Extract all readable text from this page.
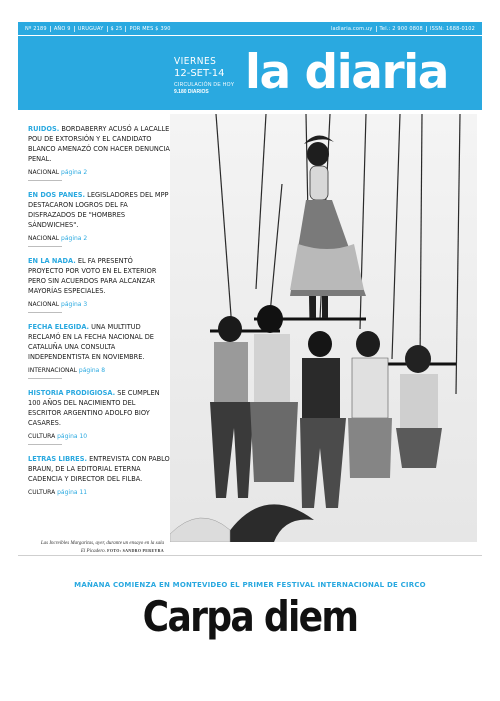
Nº 2189	AÑO 9	URUGUAY	$ 25	POR MES $ 390	ladiaria.com.uy	Tel.: 2 900 0808	ISSN: 1688-0102
VIERNES
12-SET-14
CIRCULACIÓN DE HOY
9.180 DIARIOS la diaria
RUIDOS. BORDABERRY ACUSÓ A LACALLE POU DE EXTORSIÓN Y EL CANDIDATO BLANCO AMENAZÓ CON HACER DENUNCIA PENAL.
NACIONAL página 2
EN DOS PANES. LEGISLADORES DEL MPP DESTACARON LOGROS DEL FA DISFRAZADOS DE "HOMBRES SÁNDWICHES".
NACIONAL página 2
EN LA NADA. EL FA PRESENTÓ PROYECTO POR VOTO EN EL EXTERIOR PERO SIN ACUERDOS PARA ALCANZAR MAYORÍAS ESPECIALES.
NACIONAL página 3
FECHA ELEGIDA. UNA MULTITUD RECLAMÓ EN LA FECHA NACIONAL DE CATALUÑA UNA CONSULTA INDEPENDENTISTA EN NOVIEMBRE.
INTERNACIONAL página 8
HISTORIA PRODIGIOSA. SE CUMPLEN 100 AÑOS DEL NACIMIENTO DEL ESCRITOR ARGENTINO ADOLFO BIOY CASARES.
CULTURA página 10
LETRAS LIBRES. ENTREVISTA CON PABLO BRAUN, DE LA EDITORIAL ETERNA CADENCIA Y DIRECTOR DEL FILBA.
CULTURA página 11
Las Increíbles Margaritas, ayer, durante un ensayo en la sala
El Picadero. FOTO: SANDRO PEREYRA
MAÑANA COMIENZA EN MONTEVIDEO EL PRIMER FESTIVAL INTERNACIONAL DE CIRCO
Carpa diem
